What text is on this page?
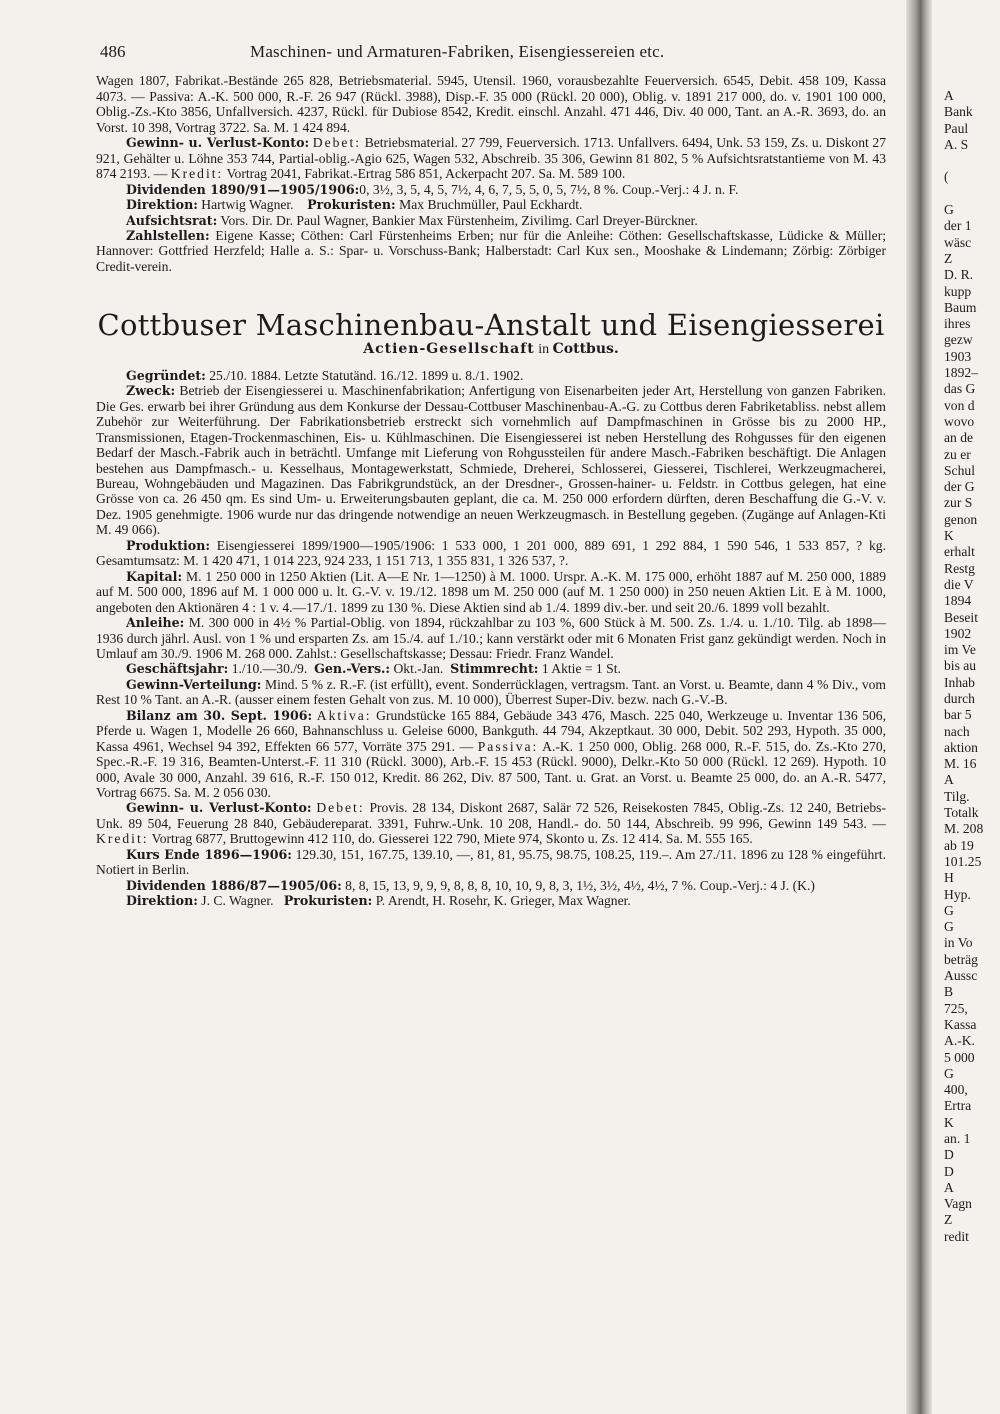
486	Maschinen- und Armaturen-Fabriken, Eisengiessereien etc.

Wagen 1807, Fabrikat.-Bestände 265 828, Betriebsmaterial. 5945, Utensil. 1960, vorausbezahlte Feuerversich. 6545, Debit. 458 109, Kassa 4073. — Passiva: A.-K. 500 000, R.-F. 26 947 (Rückl. 3988), Disp.-F. 35 000 (Rückl. 20 000), Oblig. v. 1891 217 000, do. v. 1901 100 000, Oblig.-Zs.-Kto 3856, Unfallversich. 4237, Rückl. für Dubiose 8542, Kredit. einschl. Anzahl. 471 446, Div. 40 000, Tant. an A.-R. 3693, do. an Vorst. 10 398, Vortrag 3722. Sa. M. 1 424 894.

Gewinn- u. Verlust-Konto: Debet: Betriebsmaterial. 27 799, Feuerversich. 1713. Unfallvers. 6494, Unk. 53 159, Zs. u. Diskont 27 921, Gehälter u. Löhne 353 744, Partial-oblig.-Agio 625, Wagen 532, Abschreib. 35 306, Gewinn 81 802, 5 % Aufsichtsratstantieme von M. 43 874 2193. — Kredit: Vortrag 2041, Fabrikat.-Ertrag 586 851, Ackerpacht 207. Sa. M. 589 100.

Dividenden 1890/91—1905/1906:0, 3½, 3, 5, 4, 5, 7½, 4, 6, 7, 5, 5, 0, 5, 7½, 8 %. Coup.-Verj.: 4 J. n. F.

Direktion: Hartwig Wagner. Prokuristen: Max Bruchmüller, Paul Eckhardt.

Aufsichtsrat: Vors. Dir. Dr. Paul Wagner, Bankier Max Fürstenheim, Zivilimg. Carl Dreyer-Bürckner.

Zahlstellen: Eigene Kasse; Cöthen: Carl Fürstenheims Erben; nur für die Anleihe: Cöthen: Gesellschaftskasse, Lüdicke & Müller; Hannover: Gottfried Herzfeld; Halle a. S.: Spar- u. Vorschuss-Bank; Halberstadt: Carl Kux sen., Mooshake & Lindemann; Zörbig: Zörbiger Credit-verein.

Cottbuser Maschinenbau-Anstalt und Eisengiesserei
Actien-Gesellschaft in Cottbus.

Gegründet: 25./10. 1884. Letzte Statutänd. 16./12. 1899 u. 8./1. 1902.

Zweck: Betrieb der Eisengiesserei u. Maschinenfabrikation; Anfertigung von Eisenarbeiten jeder Art, Herstellung von ganzen Fabriken. Die Ges. erwarb bei ihrer Gründung aus dem Konkurse der Dessau-Cottbuser Maschinenbau-A.-G. zu Cottbus deren Fabriketabliss. nebst allem Zubehör zur Weiterführung. Der Fabrikationsbetrieb erstreckt sich vornehmlich auf Dampfmaschinen in Grösse bis zu 2000 HP., Transmissionen, Etagen-Trockenmaschinen, Eis- u. Kühlmaschinen. Die Eisengiesserei ist neben Herstellung des Rohgusses für den eigenen Bedarf der Masch.-Fabrik auch in beträchtl. Umfange mit Lieferung von Rohgussteilen für andere Masch.-Fabriken beschäftigt. Die Anlagen bestehen aus Dampfmasch.- u. Kesselhaus, Montagewerkstatt, Schmiede, Dreherei, Schlosserei, Giesserei, Tischlerei, Werkzeugmacherei, Bureau, Wohngebäuden und Magazinen. Das Fabrikgrundstück, an der Dresdner-, Grossen-hainer- u. Feldstr. in Cottbus gelegen, hat eine Grösse von ca. 26 450 qm. Es sind Um- u. Erweiterungsbauten geplant, die ca. M. 250 000 erfordern dürften, deren Beschaffung die G.-V. v. Dez. 1905 genehmigte. 1906 wurde nur das dringende notwendige an neuen Werkzeugmasch. in Bestellung gegeben. (Zugänge auf Anlagen-Kti M. 49 066).

Produktion: Eisengiesserei 1899/1900—1905/1906: 1 533 000, 1 201 000, 889 691, 1 292 884, 1 590 546, 1 533 857, ? kg. Gesamtumsatz: M. 1 420 471, 1 014 223, 924 233, 1 151 713, 1 355 831, 1 326 537, ?.

Kapital: M. 1 250 000 in 1250 Aktien (Lit. A—E Nr. 1—1250) à M. 1000. Urspr. A.-K. M. 175 000, erhöht 1887 auf M. 250 000, 1889 auf M. 500 000, 1896 auf M. 1 000 000 u. lt. G.-V. v. 19./12. 1898 um M. 250 000 (auf M. 1 250 000) in 250 neuen Aktien Lit. E à M. 1000, angeboten den Aktionären 4 : 1 v. 4.—17./1. 1899 zu 130 %. Diese Aktien sind ab 1./4. 1899 div.-ber. und seit 20./6. 1899 voll bezahlt.

Anleihe: M. 300 000 in 4½ % Partial-Oblig. von 1894, rückzahlbar zu 103 %, 600 Stück à M. 500. Zs. 1./4. u. 1./10. Tilg. ab 1898—1936 durch jährl. Ausl. von 1 % und ersparten Zs. am 15./4. auf 1./10.; kann verstärkt oder mit 6 Monaten Frist ganz gekündigt werden. Noch in Umlauf am 30./9. 1906 M. 268 000. Zahlst.: Gesellschaftskasse; Dessau: Friedr. Franz Wandel.

Geschäftsjahr: 1./10.—30./9. Gen.-Vers.: Okt.-Jan. Stimmrecht: 1 Aktie = 1 St.

Gewinn-Verteilung: Mind. 5 % z. R.-F. (ist erfüllt), event. Sonderrücklagen, vertragsm. Tant. an Vorst. u. Beamte, dann 4 % Div., vom Rest 10 % Tant. an A.-R. (ausser einem festen Gehalt von zus. M. 10 000), Überrest Super-Div. bezw. nach G.-V.-B.

Bilanz am 30. Sept. 1906: Aktiva: Grundstücke 165 884, Gebäude 343 476, Masch. 225 040, Werkzeuge u. Inventar 136 506, Pferde u. Wagen 1, Modelle 26 660, Bahnanschluss u. Geleise 6000, Bankguth. 44 794, Akzeptkaut. 30 000, Debit. 502 293, Hypoth. 35 000, Kassa 4961, Wechsel 94 392, Effekten 66 577, Vorräte 375 291. — Passiva: A.-K. 1 250 000, Oblig. 268 000, R.-F. 515, do. Zs.-Kto 270, Spec.-R.-F. 19 316, Beamten-Unterst.-F. 11 310 (Rückl. 3000), Arb.-F. 15 453 (Rückl. 9000), Delkr.-Kto 50 000 (Rückl. 12 269). Hypoth. 10 000, Avale 30 000, Anzahl. 39 616, R.-F. 150 012, Kredit. 86 262, Div. 87 500, Tant. u. Grat. an Vorst. u. Beamte 25 000, do. an A.-R. 5477, Vortrag 6675. Sa. M. 2 056 030.

Gewinn- u. Verlust-Konto: Debet: Provis. 28 134, Diskont 2687, Salär 72 526, Reisekosten 7845, Oblig.-Zs. 12 240, Betriebs-Unk. 89 504, Feuerung 28 840, Gebäudereparat. 3391, Fuhrw.-Unk. 10 208, Handl.- do. 50 144, Abschreib. 99 996, Gewinn 149 543. — Kredit: Vortrag 6877, Bruttogewinn 412 110, do. Giesserei 122 790, Miete 974, Skonto u. Zs. 12 414. Sa. M. 555 165.

Kurs Ende 1896—1906: 129.30, 151, 167.75, 139.10, —, 81, 81, 95.75, 98.75, 108.25, 119.–. Am 27./11. 1896 zu 128 % eingeführt. Notiert in Berlin.

Dividenden 1886/87—1905/06: 8, 8, 15, 13, 9, 9, 9, 8, 8, 8, 10, 10, 9, 8, 3, 1½, 3½, 4½, 4½, 7 %. Coup.-Verj.: 4 J. (K.)

Direktion: J. C. Wagner. Prokuristen: P. Arendt, H. Rosehr, K. Grieger, Max Wagner.

A
Bank
Paul
A. S
(
G
der 1
wäsc
Z
D. R.
kupp
Baum
ihres
gezw
1903
1892–
das G
von d
wovo
an de
zu er
Schul
der G
zur S
genon
K
erhalt
Restg
die V
1894
Beseit
1902
im Ve
bis au
Inhab
durch
bar 5
nach
aktion
M. 16
A
Tilg.
Totalk
M. 208
ab 19
101.25
H
Hyp.
G
G
in Vo
beträg
Aussc
B
725,
Kassa
A.-K.
5 000
G
400,
Ertra
K
an. 1
D
D
A
Vagn
Z
redit
